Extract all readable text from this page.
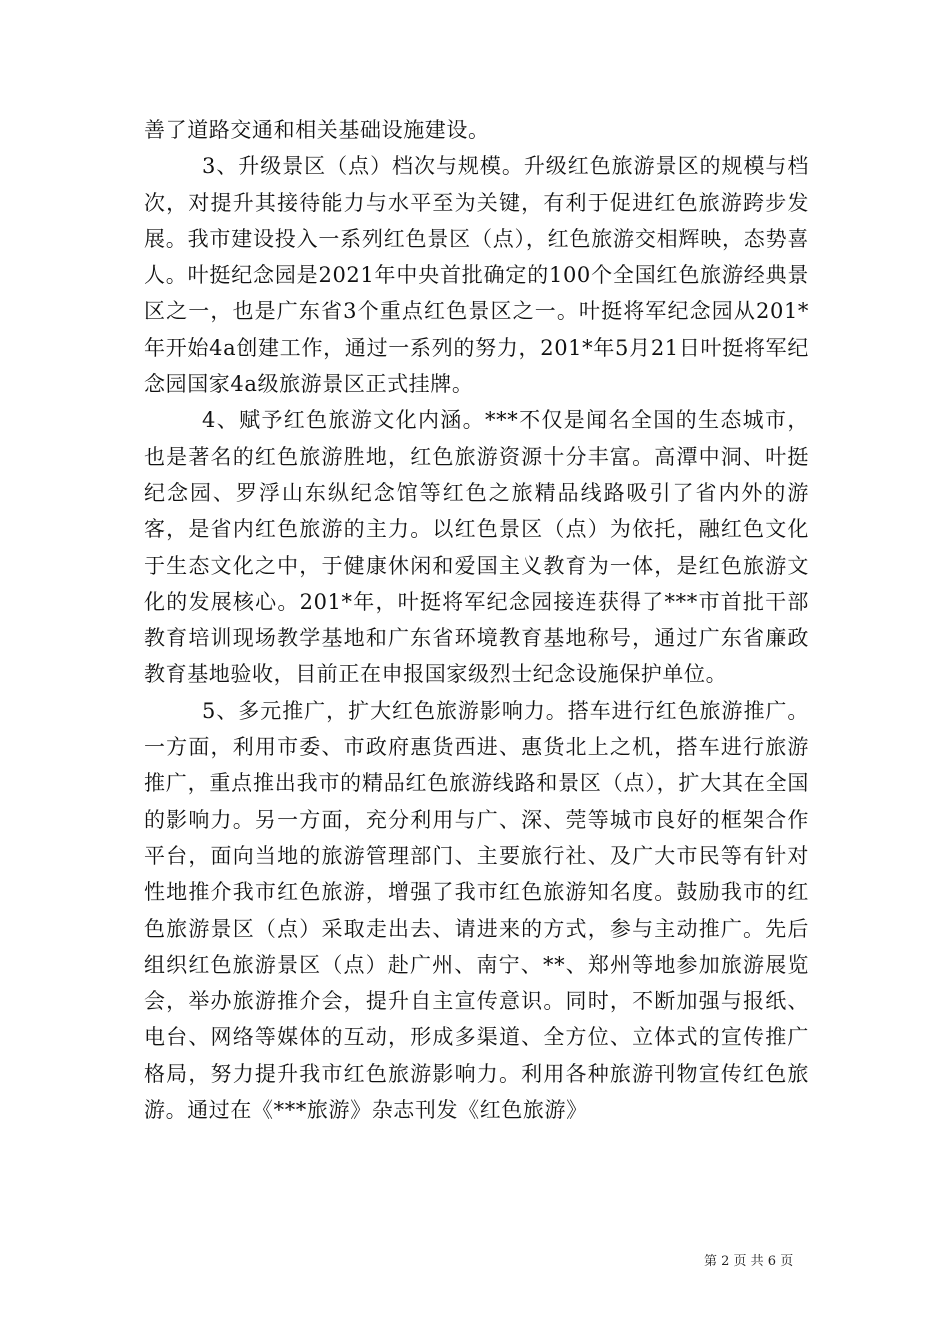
善了道路交通和相关基础设施建设。

3、升级景区（点）档次与规模。升级红色旅游景区的规模与档次，对提升其接待能力与水平至为关键，有利于促进红色旅游跨步发展。我市建设投入一系列红色景区（点），红色旅游交相辉映，态势喜人。叶挺纪念园是2021年中央首批确定的100个全国红色旅游经典景区之一，也是广东省3个重点红色景区之一。叶挺将军纪念园从201*年开始4a创建工作，通过一系列的努力，201*年5月21日叶挺将军纪念园国家4a级旅游景区正式挂牌。

4、赋予红色旅游文化内涵。***不仅是闻名全国的生态城市，也是著名的红色旅游胜地，红色旅游资源十分丰富。高潭中洞、叶挺纪念园、罗浮山东纵纪念馆等红色之旅精品线路吸引了省内外的游客，是省内红色旅游的主力。以红色景区（点）为依托，融红色文化于生态文化之中，于健康休闲和爱国主义教育为一体，是红色旅游文化的发展核心。201*年，叶挺将军纪念园接连获得了***市首批干部教育培训现场教学基地和广东省环境教育基地称号，通过广东省廉政教育基地验收，目前正在申报国家级烈士纪念设施保护单位。

5、多元推广，扩大红色旅游影响力。搭车进行红色旅游推广。一方面，利用市委、市政府惠货西进、惠货北上之机，搭车进行旅游推广，重点推出我市的精品红色旅游线路和景区（点），扩大其在全国的影响力。另一方面，充分利用与广、深、莞等城市良好的框架合作平台，面向当地的旅游管理部门、主要旅行社、及广大市民等有针对性地推介我市红色旅游，增强了我市红色旅游知名度。鼓励我市的红色旅游景区（点）采取走出去、请进来的方式，参与主动推广。先后组织红色旅游景区（点）赴广州、南宁、**、郑州等地参加旅游展览会，举办旅游推介会，提升自主宣传意识。同时，不断加强与报纸、电台、网络等媒体的互动，形成多渠道、全方位、立体式的宣传推广格局，努力提升我市红色旅游影响力。利用各种旅游刊物宣传红色旅游。通过在《***旅游》杂志刊发《红色旅游》

第 2 页 共 6 页
